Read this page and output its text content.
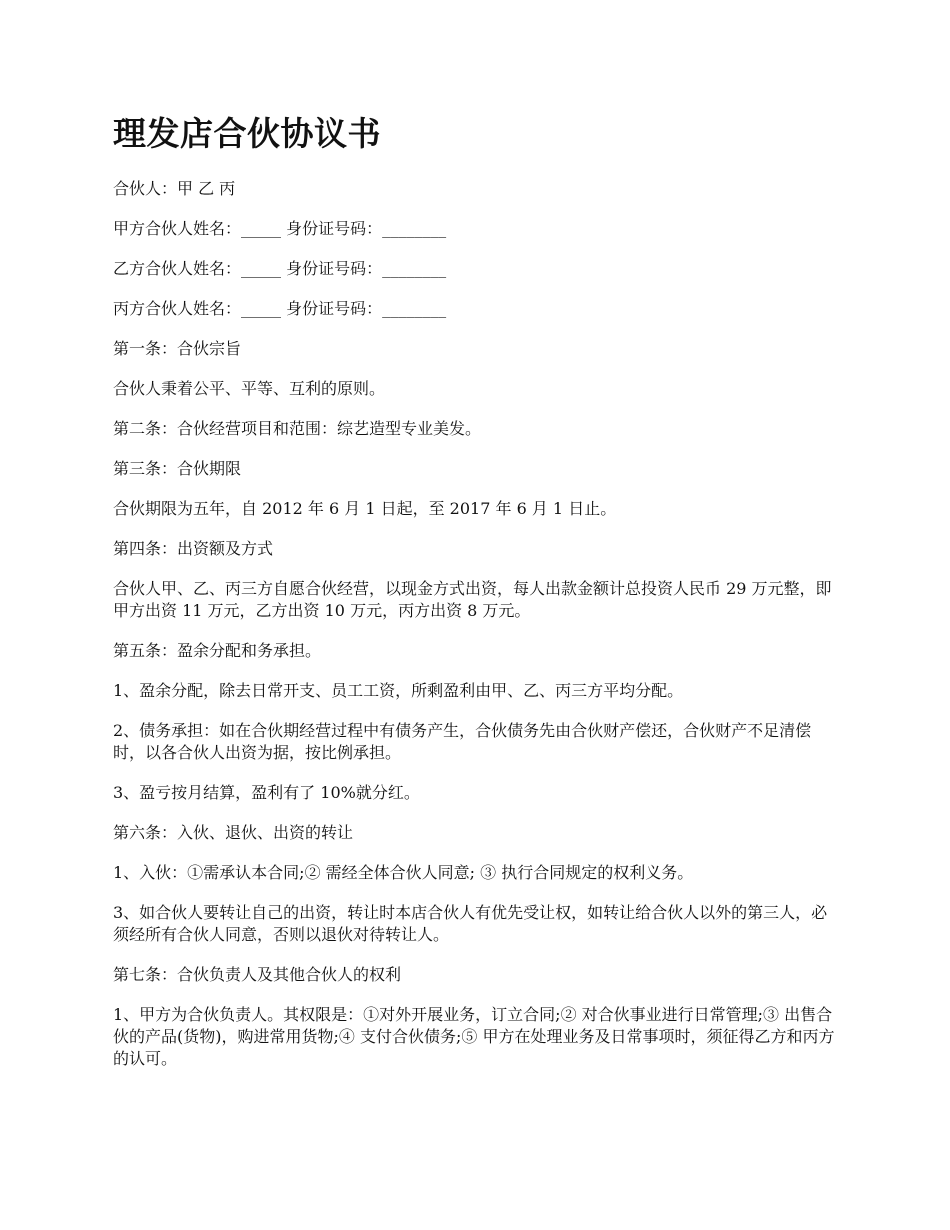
理发店合伙协议书

合伙人：甲 乙 丙

甲方合伙人姓名：_____ 身份证号码：________

乙方合伙人姓名：_____ 身份证号码：________

丙方合伙人姓名：_____ 身份证号码：________

第一条：合伙宗旨

合伙人秉着公平、平等、互利的原则。

第二条：合伙经营项目和范围：综艺造型专业美发。

第三条：合伙期限

合伙期限为五年，自 2012 年 6 月 1 日起，至 2017 年 6 月 1 日止。

第四条：出资额及方式

合伙人甲、乙、丙三方自愿合伙经营，以现金方式出资，每人出款金额计总投资人民币 29 万元整，即甲方出资 11 万元，乙方出资 10 万元，丙方出资 8 万元。

第五条：盈余分配和务承担。

1、盈余分配，除去日常开支、员工工资，所剩盈利由甲、乙、丙三方平均分配。

2、债务承担：如在合伙期经营过程中有债务产生，合伙债务先由合伙财产偿还，合伙财产不足清偿时，以各合伙人出资为据，按比例承担。

3、盈亏按月结算，盈利有了 10%就分红。

第六条：入伙、退伙、出资的转让

1、入伙：①需承认本合同;② 需经全体合伙人同意; ③ 执行合同规定的权利义务。

3、如合伙人要转让自己的出资，转让时本店合伙人有优先受让权，如转让给合伙人以外的第三人，必须经所有合伙人同意，否则以退伙对待转让人。

第七条：合伙负责人及其他合伙人的权利

1、甲方为合伙负责人。其权限是：①对外开展业务，订立合同;② 对合伙事业进行日常管理;③ 出售合伙的产品(货物)，购进常用货物;④ 支付合伙债务;⑤ 甲方在处理业务及日常事项时，须征得乙方和丙方的认可。
